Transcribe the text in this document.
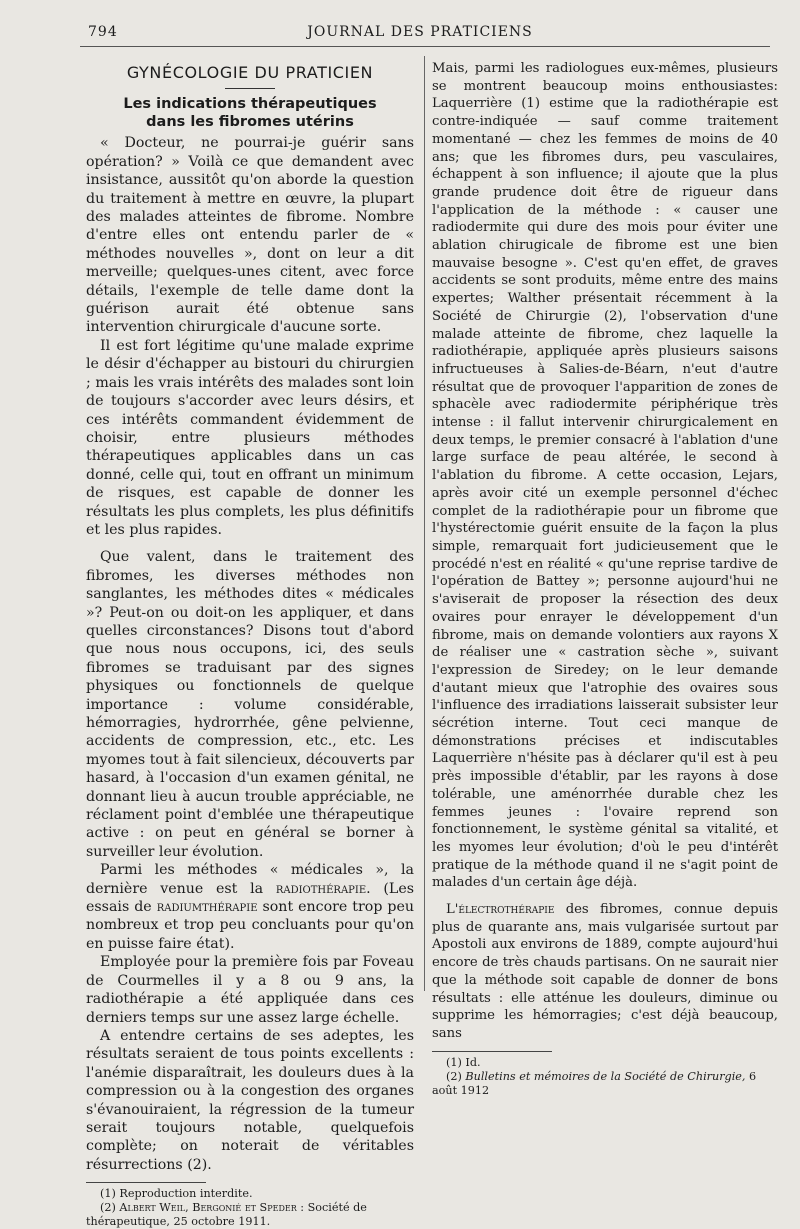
794	JOURNAL DES PRATICIENS
GYNÉCOLOGIE DU PRATICIEN
Les indications thérapeutiques
dans les fibromes utérins

« Docteur, ne pourrai-je guérir sans opération? » Voilà ce que demandent avec insistance, aussitôt qu'on aborde la question du traitement à mettre en œuvre, la plupart des malades atteintes de fibrome. Nombre d'entre elles ont entendu parler de « méthodes nouvelles », dont on leur a dit merveille; quelques-unes citent, avec force détails, l'exemple de telle dame dont la guérison aurait été obtenue sans intervention chirurgicale d'aucune sorte.

Il est fort légitime qu'une malade exprime le désir d'échapper au bistouri du chirurgien ; mais les vrais intérêts des malades sont loin de toujours s'accorder avec leurs désirs, et ces intérêts commandent évidemment de choisir, entre plusieurs méthodes thérapeutiques applicables dans un cas donné, celle qui, tout en offrant un minimum de risques, est capable de donner les résultats les plus complets, les plus définitifs et les plus rapides.

Que valent, dans le traitement des fibromes, les diverses méthodes non sanglantes, les méthodes dites « médicales »? Peut-on ou doit-on les appliquer, et dans quelles circonstances? Disons tout d'abord que nous nous occupons, ici, des seuls fibromes se traduisant par des signes physiques ou fonctionnels de quelque importance : volume considérable, hémorragies, hydrorrhée, gêne pelvienne, accidents de compression, etc., etc. Les myomes tout à fait silencieux, découverts par hasard, à l'occasion d'un examen génital, ne donnant lieu à aucun trouble appréciable, ne réclament point d'emblée une thérapeutique active : on peut en général se borner à surveiller leur évolution.

Parmi les méthodes « médicales », la dernière venue est la radiothérapie. (Les essais de radiumthérapie sont encore trop peu nombreux et trop peu concluants pour qu'on en puisse faire état).

Employée pour la première fois par Foveau de Courmelles il y a 8 ou 9 ans, la radiothérapie a été appliquée dans ces derniers temps sur une assez large échelle.

A entendre certains de ses adeptes, les résultats seraient de tous points excellents : l'anémie disparaîtrait, les douleurs dues à la compression ou à la congestion des organes s'évanouiraient, la régression de la tumeur serait toujours notable, quelquefois complète; on noterait de véritables résurrections (2).

(1) Reproduction interdite.

(2) Albert Weil, Bergonié et Speder : Société de thérapeutique, 25 octobre 1911.

Mais, parmi les radiologues eux-mêmes, plusieurs se montrent beaucoup moins enthousiastes: Laquerrière (1) estime que la radiothérapie est contre-indiquée — sauf comme traitement momentané — chez les femmes de moins de 40 ans; que les fibromes durs, peu vasculaires, échappent à son influence; il ajoute que la plus grande prudence doit être de rigueur dans l'application de la méthode : « causer une radiodermite qui dure des mois pour éviter une ablation chirugicale de fibrome est une bien mauvaise besogne ». C'est qu'en effet, de graves accidents se sont produits, même entre des mains expertes; Walther présentait récemment à la Société de Chirurgie (2), l'observation d'une malade atteinte de fibrome, chez laquelle la radiothérapie, appliquée après plusieurs saisons infructueuses à Salies-de-Béarn, n'eut d'autre résultat que de provoquer l'apparition de zones de sphacèle avec radiodermite périphérique très intense : il fallut intervenir chirurgicalement en deux temps, le premier consacré à l'ablation d'une large surface de peau altérée, le second à l'ablation du fibrome. A cette occasion, Lejars, après avoir cité un exemple personnel d'échec complet de la radiothérapie pour un fibrome que l'hystérectomie guérit ensuite de la façon la plus simple, remarquait fort judicieusement que le procédé n'est en réalité « qu'une reprise tardive de l'opération de Battey »; personne aujourd'hui ne s'aviserait de proposer la résection des deux ovaires pour enrayer le développement d'un fibrome, mais on demande volontiers aux rayons X de réaliser une « castration sèche », suivant l'expression de Siredey; on le leur demande d'autant mieux que l'atrophie des ovaires sous l'influence des irradiations laisserait subsister leur sécrétion interne. Tout ceci manque de démonstrations précises et indiscutables Laquerrière n'hésite pas à déclarer qu'il est à peu près impossible d'établir, par les rayons à dose tolérable, une aménorrhée durable chez les femmes jeunes : l'ovaire reprend son fonctionnement, le système génital sa vitalité, et les myomes leur évolution; d'où le peu d'intérêt pratique de la méthode quand il ne s'agit point de malades d'un certain âge déjà.

L'électrothérapie des fibromes, connue depuis plus de quarante ans, mais vulgarisée surtout par Apostoli aux environs de 1889, compte aujourd'hui encore de très chauds partisans. On ne saurait nier que la méthode soit capable de donner de bons résultats : elle atténue les douleurs, diminue ou supprime les hémorragies; c'est déjà beaucoup, sans

(1) Id.

(2) Bulletins et mémoires de la Société de Chirurgie, 6 août 1912
